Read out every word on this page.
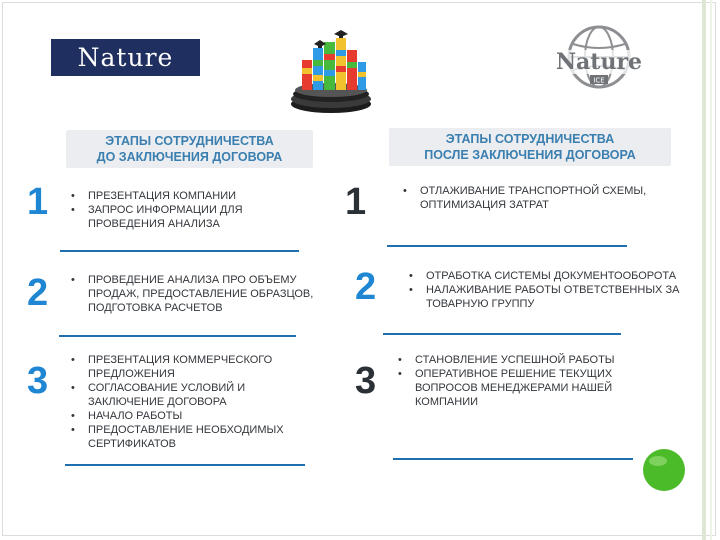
Nature	Nature
ICE
ЭТАПЫ СОТРУДНИЧЕСТВА
ДО ЗАКЛЮЧЕНИЯ ДОГОВОРА
ЭТАПЫ СОТРУДНИЧЕСТВА
ПОСЛЕ ЗАКЛЮЧЕНИЯ ДОГОВОРА
1	• ПРЕЗЕНТАЦИЯ КОМПАНИИ
• ЗАПРОС ИНФОРМАЦИИ ДЛЯ ПРОВЕДЕНИЯ АНАЛИЗА
2	• ПРОВЕДЕНИЕ АНАЛИЗА ПРО ОБЪЕМУ ПРОДАЖ, ПРЕДОСТАВЛЕНИЕ ОБРАЗЦОВ, ПОДГОТОВКА РАСЧЕТОВ
3	• ПРЕЗЕНТАЦИЯ КОММЕРЧЕСКОГО ПРЕДЛОЖЕНИЯ
• СОГЛАСОВАНИЕ УСЛОВИЙ И ЗАКЛЮЧЕНИЕ ДОГОВОРА
• НАЧАЛО РАБОТЫ
• ПРЕДОСТАВЛЕНИЕ НЕОБХОДИМЫХ СЕРТИФИКАТОВ
1	• ОТЛАЖИВАНИЕ ТРАНСПОРТНОЙ СХЕМЫ, ОПТИМИЗАЦИЯ ЗАТРАТ
2	• ОТРАБОТКА СИСТЕМЫ ДОКУМЕНТООБОРОТА
• НАЛАЖИВАНИЕ РАБОТЫ ОТВЕТСТВЕННЫХ ЗА ТОВАРНУЮ ГРУППУ
3	• СТАНОВЛЕНИЕ УСПЕШНОЙ РАБОТЫ
• ОПЕРАТИВНОЕ РЕШЕНИЕ ТЕКУЩИХ ВОПРОСОВ МЕНЕДЖЕРАМИ НАШЕЙ КОМПАНИИ
